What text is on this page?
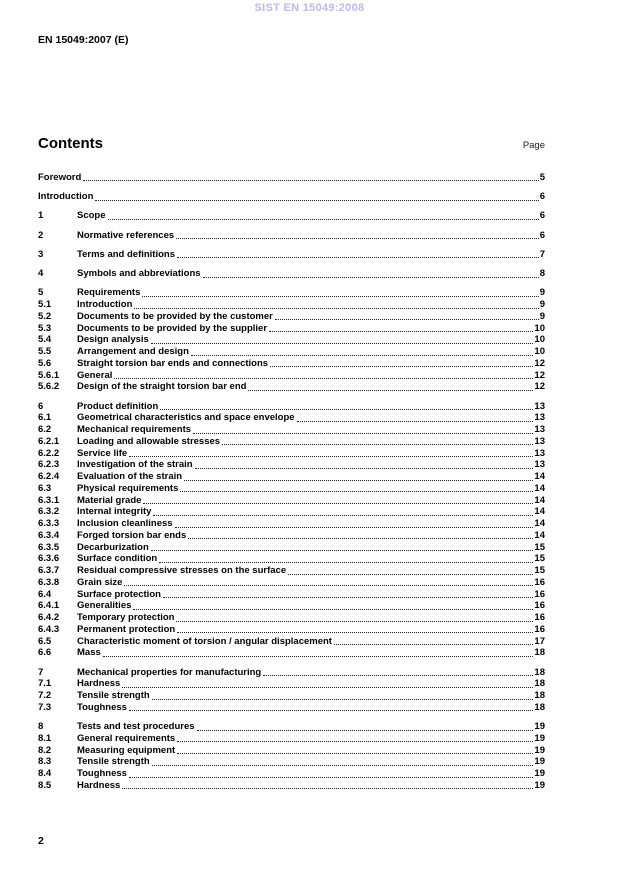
SIST EN 15049:2008
EN 15049:2007 (E)
Contents	Page
Foreword	5
Introduction	6
1	Scope	6
2	Normative references	6
3	Terms and definitions	7
4	Symbols and abbreviations	8
5	Requirements	9
5.1	Introduction	9
5.2	Documents to be provided by the customer	9
5.3	Documents to be provided by the supplier	10
5.4	Design analysis	10
5.5	Arrangement and design	10
5.6	Straight torsion bar ends and connections	12
5.6.1	General	12
5.6.2	Design of the straight torsion bar end	12
6	Product definition	13
6.1	Geometrical characteristics and space envelope	13
6.2	Mechanical requirements	13
6.2.1	Loading and allowable stresses	13
6.2.2	Service life	13
6.2.3	Investigation of the strain	13
6.2.4	Evaluation of the strain	14
6.3	Physical requirements	14
6.3.1	Material grade	14
6.3.2	Internal integrity	14
6.3.3	Inclusion cleanliness	14
6.3.4	Forged torsion bar ends	14
6.3.5	Decarburization	15
6.3.6	Surface condition	15
6.3.7	Residual compressive stresses on the surface	15
6.3.8	Grain size	16
6.4	Surface protection	16
6.4.1	Generalities	16
6.4.2	Temporary protection	16
6.4.3	Permanent protection	16
6.5	Characteristic moment of torsion / angular displacement	17
6.6	Mass	18
7	Mechanical properties for manufacturing	18
7.1	Hardness	18
7.2	Tensile strength	18
7.3	Toughness	18
8	Tests and test procedures	19
8.1	General requirements	19
8.2	Measuring equipment	19
8.3	Tensile strength	19
8.4	Toughness	19
8.5	Hardness	19
2
